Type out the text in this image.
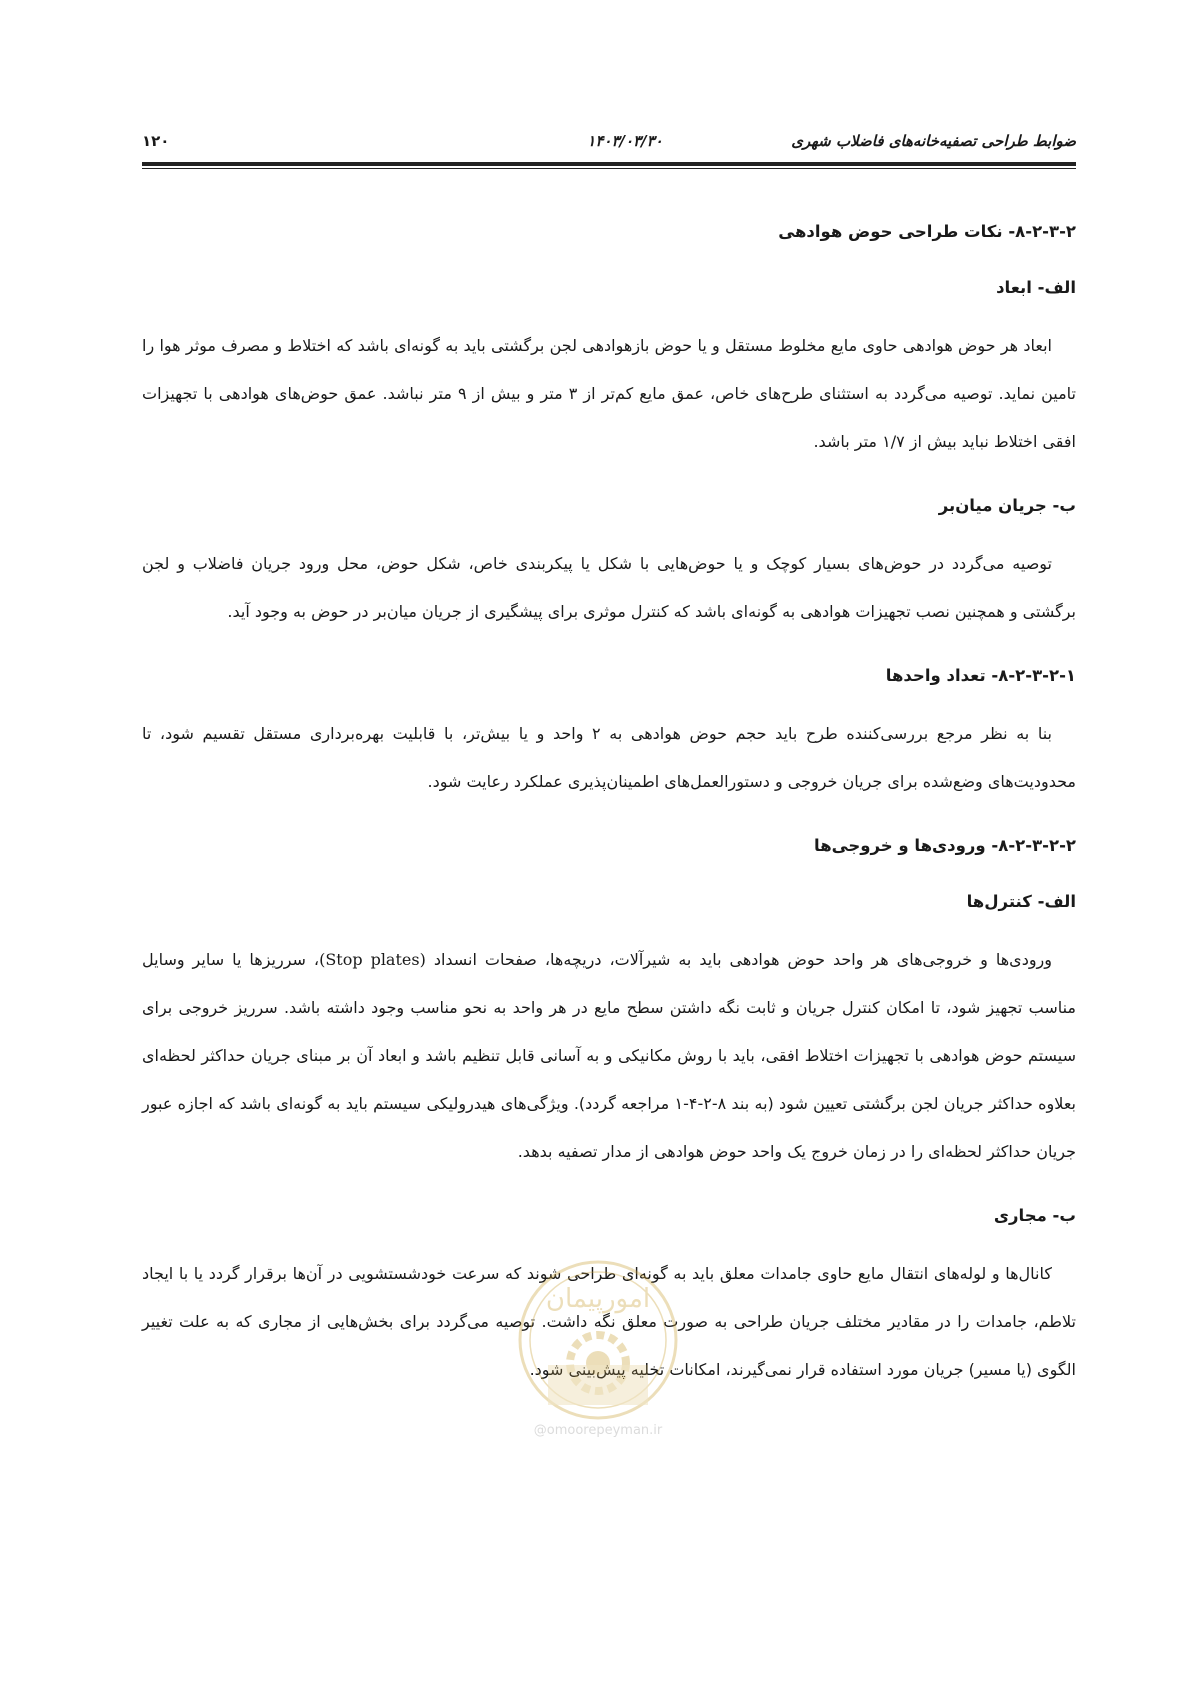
ضوابط طراحی تصفیه‌خانه‌های فاضلاب شهری
۱۴۰۳/۰۳/۳۰
۱۲۰
۸-۲-۳-۲- نکات طراحی حوض هوادهی
الف- ابعاد

ابعاد هر حوض هوادهی حاوی مایع مخلوط مستقل و یا حوض بازهوادهی لجن برگشتی باید به گونه‌ای باشد که اختلاط و مصرف موثر هوا را تامین نماید. توصیه می‌گردد به استثنای طرح‌های خاص، عمق مایع کم‌تر از ۳ متر و بیش از ۹ متر نباشد. عمق حوض‌های هوادهی با تجهیزات افقی اختلاط نباید بیش از ۱/۷ متر باشد.

ب- جریان میان‌بر

توصیه می‌گردد در حوض‌های بسیار کوچک و یا حوض‌هایی با شکل یا پیکربندی خاص، شکل حوض، محل ورود جریان فاضلاب و لجن برگشتی و همچنین نصب تجهیزات هوادهی به گونه‌ای باشد که کنترل موثری برای پیشگیری از جریان میان‌بر در حوض به وجود آید.

۸-۲-۳-۲-۱- تعداد واحدها

بنا به نظر مرجع بررسی‌کننده طرح باید حجم حوض هوادهی به ۲ واحد و یا بیش‌تر، با قابلیت بهره‌برداری مستقل تقسیم شود، تا محدودیت‌های وضع‌شده برای جریان خروجی و دستورالعمل‌های اطمینان‌پذیری عملکرد رعایت شود.

۸-۲-۳-۲-۲- ورودی‌ها و خروجی‌ها
الف- کنترل‌ها

ورودی‌ها و خروجی‌های هر واحد حوض هوادهی باید به شیرآلات، دریچه‌ها، صفحات انسداد (Stop plates)، سرریزها یا سایر وسایل مناسب تجهیز شود، تا امکان کنترل جریان و ثابت نگه داشتن سطح مایع در هر واحد به نحو مناسب وجود داشته باشد. سرریز خروجی برای سیستم حوض هوادهی با تجهیزات اختلاط افقی، باید با روش مکانیکی و به آسانی قابل تنظیم باشد و ابعاد آن بر مبنای جریان حداکثر لحظه‌ای بعلاوه حداکثر جریان لجن برگشتی تعیین شود (به بند ۸-۲-۴-۱ مراجعه گردد). ویژگی‌های هیدرولیکی سیستم باید به گونه‌ای باشد که اجازه عبور جریان حداکثر لحظه‌ای را در زمان خروج یک واحد حوض هوادهی از مدار تصفیه بدهد.

ب- مجاری

کانال‌ها و لوله‌های انتقال مایع حاوی جامدات معلق باید به گونه‌ای طراحی شوند که سرعت خودشستشویی در آن‌ها برقرار گردد یا با ایجاد تلاطم، جامدات را در مقادیر مختلف جریان طراحی به صورت معلق نگه داشت. توصیه می‌گردد برای بخش‌هایی از مجاری که به علت تغییر الگوی (یا مسیر) جریان مورد استفاده قرار نمی‌گیرند، امکانات تخلیه پیش‌بینی شود.

امورپیمان
@omoorepeyman.ir
